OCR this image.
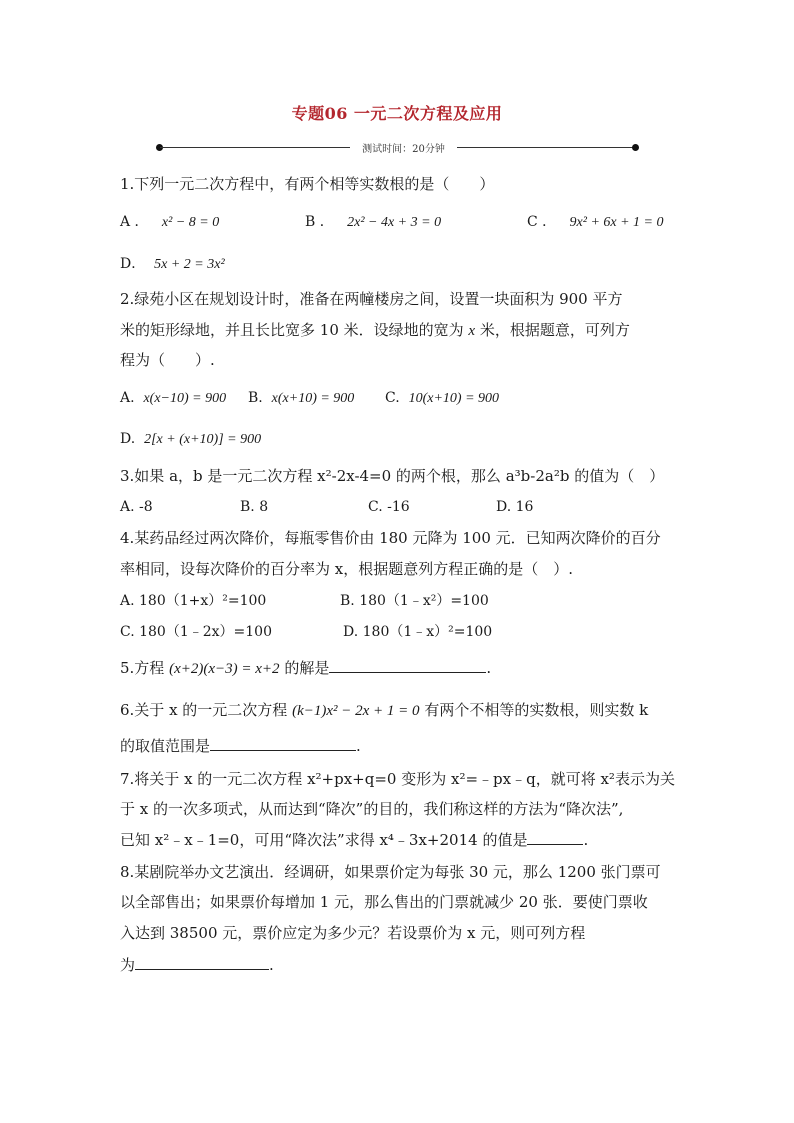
专题06 一元二次方程及应用
测试时间：20分钟
1.下列一元二次方程中，有两个相等实数根的是（　　）
A ． x² − 8 = 0	B ． 2x² − 4x + 3 = 0	C ． 9x² + 6x + 1 = 0
D． 5x + 2 = 3x²
2.绿苑小区在规划设计时，准备在两幢楼房之间，设置一块面积为 900 平方
米的矩形绿地，并且长比宽多 10 米．设绿地的宽为 x 米，根据题意，可列方
程为（　　）.
A. x(x−10) = 900 B. x(x+10) = 900 C. 10(x+10) = 900
D. 2[x + (x+10)] = 900
3.如果 a，b 是一元二次方程 x²-2x-4=0 的两个根，那么 a³b-2a²b 的值为（　）
A. -8	B. 8	C. -16	D. 16
4.某药品经过两次降价，每瓶零售价由 180 元降为 100 元．已知两次降价的百分
率相同，设每次降价的百分率为 x，根据题意列方程正确的是（　）.
A. 180（1+x）²=100	B. 180（1﹣x²）=100
C. 180（1﹣2x）=100	D. 180（1﹣x）²=100
5.方程 (x+2)(x−3) = x+2 的解是	.
6.关于 x 的一元二次方程 (k−1)x² − 2x + 1 = 0 有两个不相等的实数根，则实数 k
的取值范围是	.
7.将关于 x 的一元二次方程 x²+px+q=0 变形为 x²=﹣px﹣q，就可将 x²表示为关
于 x 的一次多项式，从而达到“降次”的目的，我们称这样的方法为“降次法”,
已知 x²﹣x﹣1=0，可用“降次法”求得 x⁴﹣3x+2014 的值是	.
8.某剧院举办文艺演出．经调研，如果票价定为每张 30 元，那么 1200 张门票可
以全部售出；如果票价每增加 1 元，那么售出的门票就减少 20 张．要使门票收
入达到 38500 元，票价应定为多少元？若设票价为 x 元，则可列方程
为	.
